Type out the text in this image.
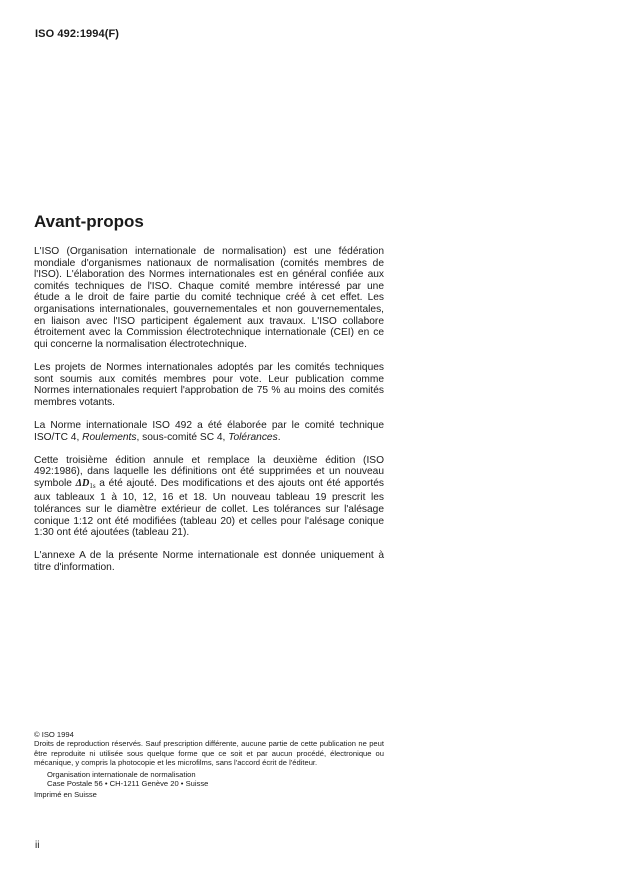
ISO 492:1994(F)
Avant-propos

L'ISO (Organisation internationale de normalisation) est une fédération mondiale d'organismes nationaux de normalisation (comités membres de l'ISO). L'élaboration des Normes internationales est en général confiée aux comités techniques de l'ISO. Chaque comité membre intéressé par une étude a le droit de faire partie du comité technique créé à cet effet. Les organisations internationales, gouvernementales et non gouvernementales, en liaison avec l'ISO participent également aux travaux. L'ISO collabore étroitement avec la Commission électrotechnique internationale (CEI) en ce qui concerne la normalisation électrotechnique.

Les projets de Normes internationales adoptés par les comités techniques sont soumis aux comités membres pour vote. Leur publication comme Normes internationales requiert l'approbation de 75 % au moins des comités membres votants.

La Norme internationale ISO 492 a été élaborée par le comité technique ISO/TC 4, Roulements, sous-comité SC 4, Tolérances.

Cette troisième édition annule et remplace la deuxième édition (ISO 492:1986), dans laquelle les définitions ont été supprimées et un nouveau symbole $\Delta D_{1s}$ a été ajouté. Des modifications et des ajouts ont été apportés aux tableaux 1 à 10, 12, 16 et 18. Un nouveau tableau 19 prescrit les tolérances sur le diamètre extérieur de collet. Les tolérances sur l'alésage conique 1:12 ont été modifiées (tableau 20) et celles pour l'alésage conique 1:30 ont été ajoutées (tableau 21).

L'annexe A de la présente Norme internationale est donnée uniquement à titre d'information.

© ISO 1994

Droits de reproduction réservés. Sauf prescription différente, aucune partie de cette publication ne peut être reproduite ni utilisée sous quelque forme que ce soit et par aucun procédé, électronique ou mécanique, y compris la photocopie et les microfilms, sans l'accord écrit de l'éditeur.

Organisation internationale de normalisation

Case Postale 56 • CH-1211 Genève 20 • Suisse

Imprimé en Suisse

ii
